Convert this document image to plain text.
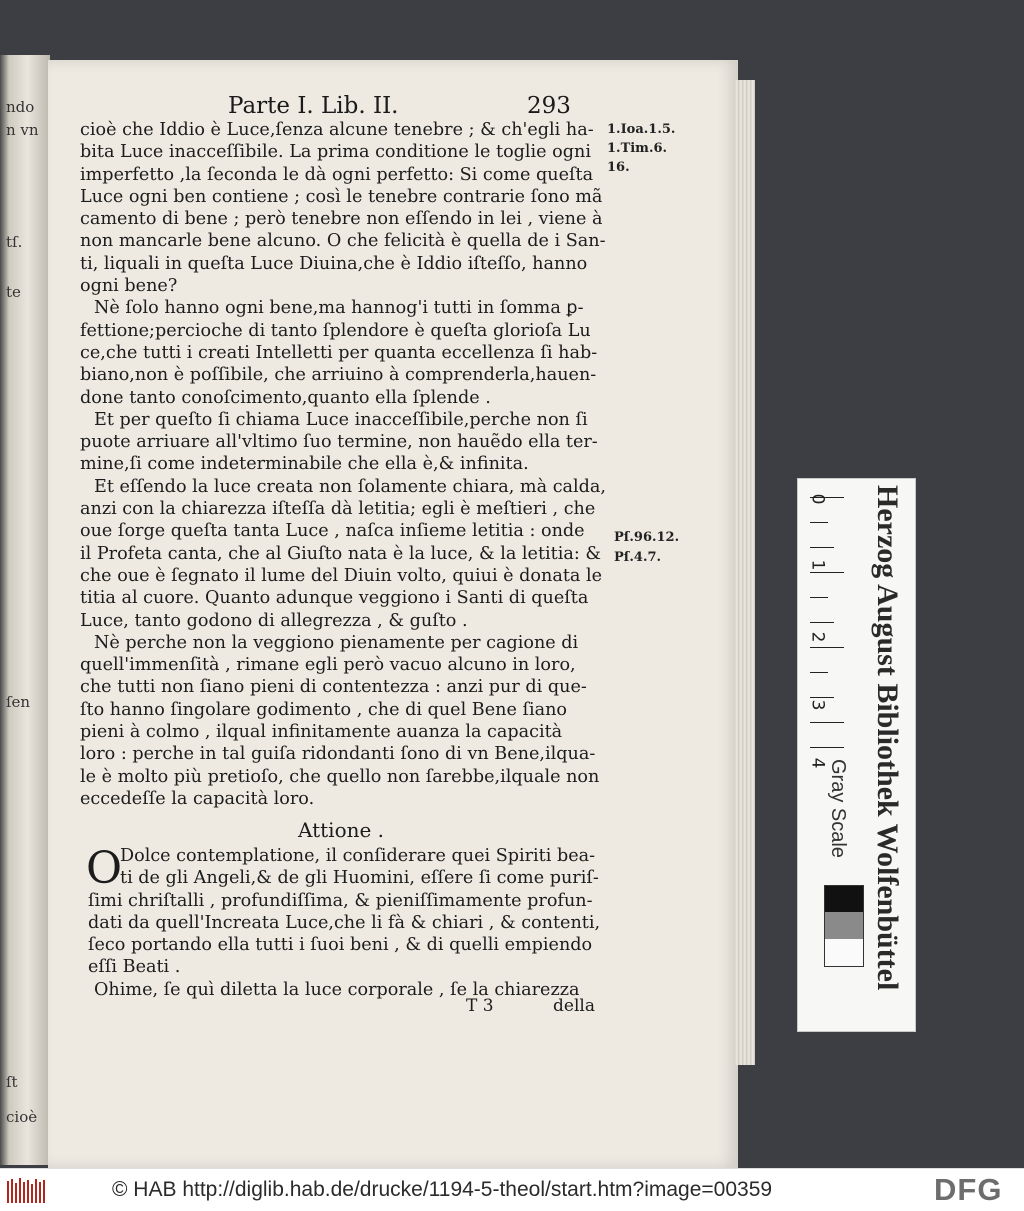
ndo
n vn
tſ.
te
ſen
ſt
cioè
Parte I. Lib. II.	293
cioè che Iddio è Luce,ſenza alcune tenebre ; & ch'egli ha-
bita Luce inacceſſibile. La prima conditione le toglie ogni
imperfetto ,la ſeconda le dà ogni perfetto: Si come queſta
Luce ogni ben contiene ; così le tenebre contrarie ſono mã
camento di bene ; però tenebre non eſſendo in lei , viene à
non mancarle bene alcuno. O che felicità è quella de i San-
ti, liquali in queſta Luce Diuina,che è Iddio iſteſſo, hanno
ogni bene?
Nè ſolo hanno ogni bene,ma hannog'i tutti in ſomma ꝑ-
fettione;percioche di tanto ſplendore è queſta glorioſa Lu
ce,che tutti i creati Intelletti per quanta eccellenza ſi hab-
biano,non è poſſibile, che arriuino à comprenderla,hauen-
done tanto conoſcimento,quanto ella ſplende .
Et per queſto ſi chiama Luce inacceſſibile,perche non ſi
puote arriuare all'vltimo ſuo termine, non hauẽdo ella ter-
mine,ſi come indeterminabile che ella è,& infinita.
Et eſſendo la luce creata non ſolamente chiara, mà calda,
anzi con la chiarezza iſteſſa dà letitia; egli è meſtieri , che
oue ſorge queſta tanta Luce , naſca inſieme letitia : onde
il Profeta canta, che al Giuſto nata è la luce, & la letitia: &
che oue è ſegnato il lume del Diuin volto, quiui è donata le
titia al cuore. Quanto adunque veggiono i Santi di queſta
Luce, tanto godono di allegrezza , & guſto .
Nè perche non la veggiono pienamente per cagione di
quell'immenſità , rimane egli però vacuo alcuno in loro,
che tutti non ſiano pieni di contentezza : anzi pur di que-
ſto hanno ſingolare godimento , che di quel Bene ſiano
pieni à colmo , ilqual infinitamente auanza la capacità
loro : perche in tal guiſa ridondanti ſono di vn Bene,ilqua-
le è molto più pretioſo, che quello non ſarebbe,ilquale non
eccedeſſe la capacità loro.
Attione .
O
Dolce contemplatione, il conſiderare quei Spiriti bea-
ti de gli Angeli,& de gli Huomini, eſſere ſi come puriſ-
ſimi chriſtalli , profundiſſima, & pieniſſimamente profun-
dati da quell'Increata Luce,che li fà & chiari , & contenti,
ſeco portando ella tutti i ſuoi beni , & di quelli empiendo
eſſi Beati .
Ohime, ſe quì diletta la luce corporale , ſe la chiarezza
T 3	della
1.Ioa.1.5.
1.Tim.6.
16.
Pſ.96.12.
Pſ.4.7.
0
1
2
3
4 Herzog August Bibliothek Wolfenbüttel
Gray Scale
© HAB http://diglib.hab.de/drucke/1194-5-theol/start.htm?image=00359	DFG
